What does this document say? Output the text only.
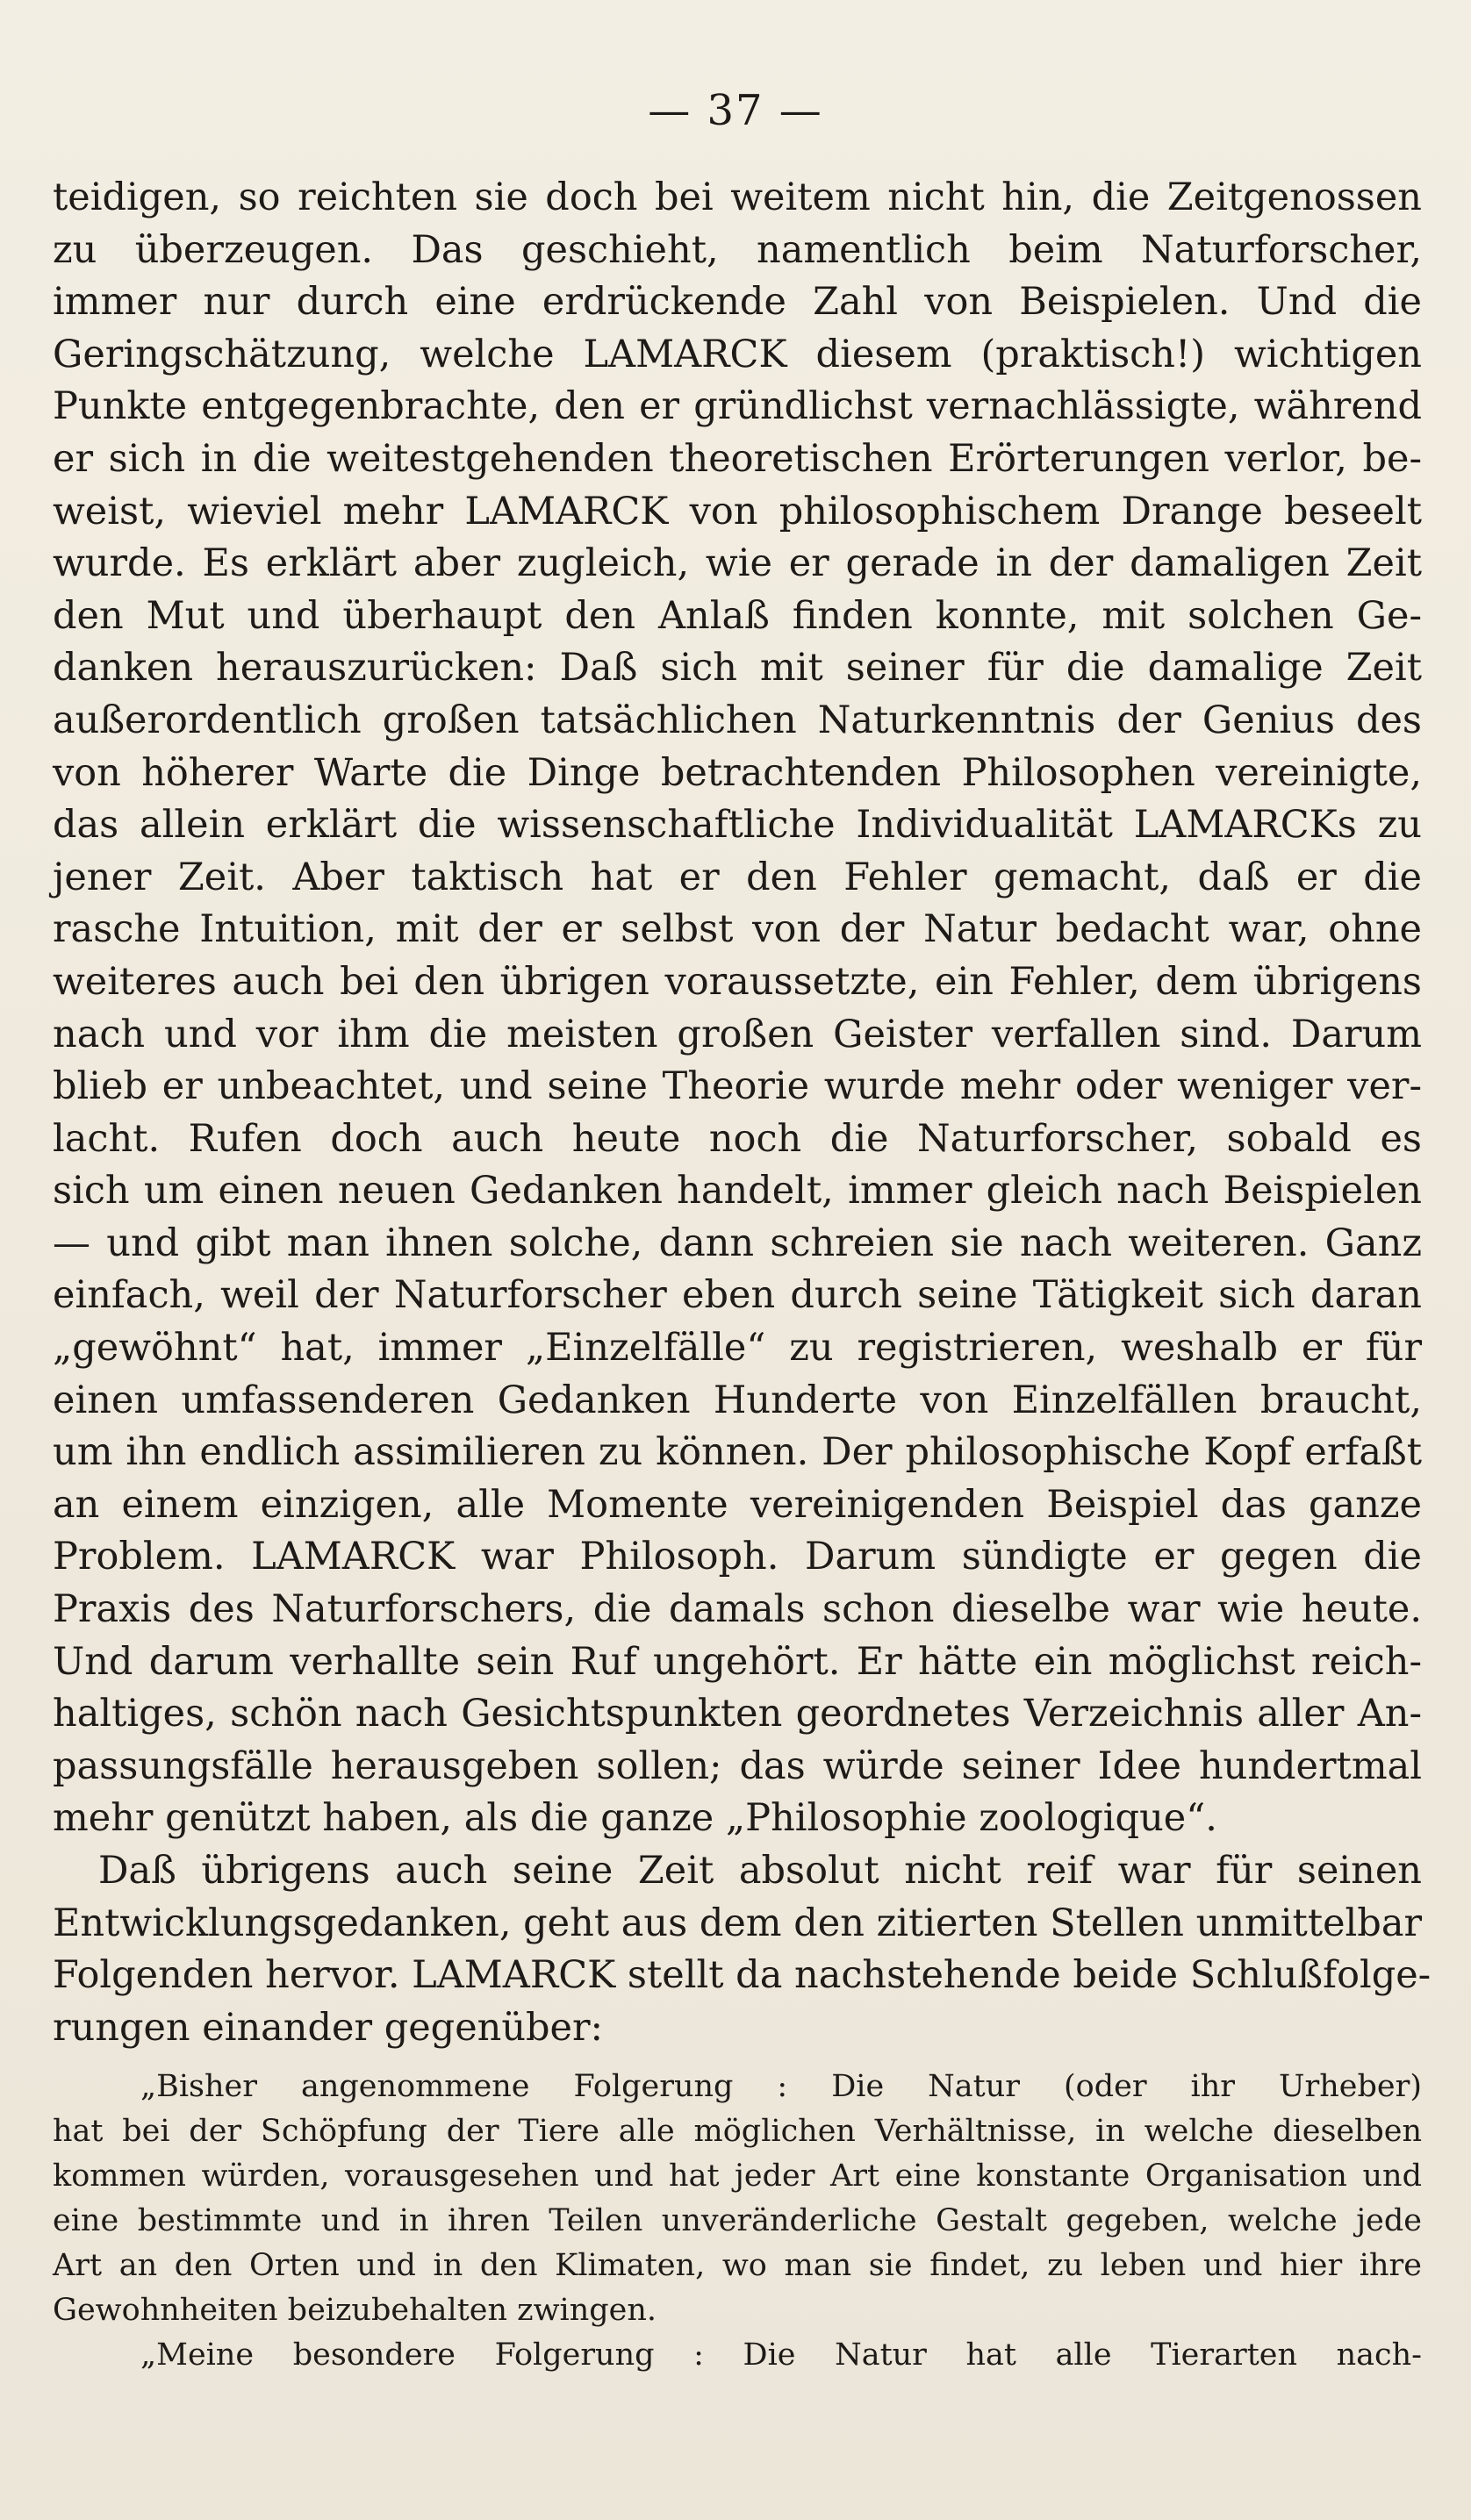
— 37 —
teidigen, so reichten sie doch bei weitem nicht hin, die Zeitgenossen
zu überzeugen. Das geschieht, namentlich beim Naturforscher,
immer nur durch eine erdrückende Zahl von Beispielen. Und die
Geringschätzung, welche LAMARCK diesem (praktisch!) wichtigen
Punkte entgegenbrachte, den er gründlichst vernachlässigte, während
er sich in die weitestgehenden theoretischen Erörterungen verlor, be-
weist, wieviel mehr LAMARCK von philosophischem Drange beseelt
wurde. Es erklärt aber zugleich, wie er gerade in der damaligen Zeit
den Mut und überhaupt den Anlaß finden konnte, mit solchen Ge-
danken herauszurücken: Daß sich mit seiner für die damalige Zeit
außerordentlich großen tatsächlichen Naturkenntnis der Genius des
von höherer Warte die Dinge betrachtenden Philosophen vereinigte,
das allein erklärt die wissenschaftliche Individualität LAMARCKs zu
jener Zeit. Aber taktisch hat er den Fehler gemacht, daß er die
rasche Intuition, mit der er selbst von der Natur bedacht war, ohne
weiteres auch bei den übrigen voraussetzte, ein Fehler, dem übrigens
nach und vor ihm die meisten großen Geister verfallen sind. Darum
blieb er unbeachtet, und seine Theorie wurde mehr oder weniger ver-
lacht. Rufen doch auch heute noch die Naturforscher, sobald es
sich um einen neuen Gedanken handelt, immer gleich nach Beispielen
— und gibt man ihnen solche, dann schreien sie nach weiteren. Ganz
einfach, weil der Naturforscher eben durch seine Tätigkeit sich daran
„gewöhnt“ hat, immer „Einzelfälle“ zu registrieren, weshalb er für
einen umfassenderen Gedanken Hunderte von Einzelfällen braucht,
um ihn endlich assimilieren zu können. Der philosophische Kopf erfaßt
an einem einzigen, alle Momente vereinigenden Beispiel das ganze
Problem. LAMARCK war Philosoph. Darum sündigte er gegen die
Praxis des Naturforschers, die damals schon dieselbe war wie heute.
Und darum verhallte sein Ruf ungehört. Er hätte ein möglichst reich-
haltiges, schön nach Gesichtspunkten geordnetes Verzeichnis aller An-
passungsfälle herausgeben sollen; das würde seiner Idee hundertmal
mehr genützt haben, als die ganze „Philosophie zoologique“.
Daß übrigens auch seine Zeit absolut nicht reif war für seinen
Entwicklungsgedanken, geht aus dem den zitierten Stellen unmittelbar
Folgenden hervor. LAMARCK stellt da nachstehende beide Schlußfolge-
rungen einander gegenüber:
„Bisher angenommene Folgerung : Die Natur (oder ihr Urheber)
hat bei der Schöpfung der Tiere alle möglichen Verhältnisse, in welche dieselben
kommen würden, vorausgesehen und hat jeder Art eine konstante Organisation und
eine bestimmte und in ihren Teilen unveränderliche Gestalt gegeben, welche jede
Art an den Orten und in den Klimaten, wo man sie findet, zu leben und hier ihre
Gewohnheiten beizubehalten zwingen.
„Meine besondere Folgerung : Die Natur hat alle Tierarten nach-
